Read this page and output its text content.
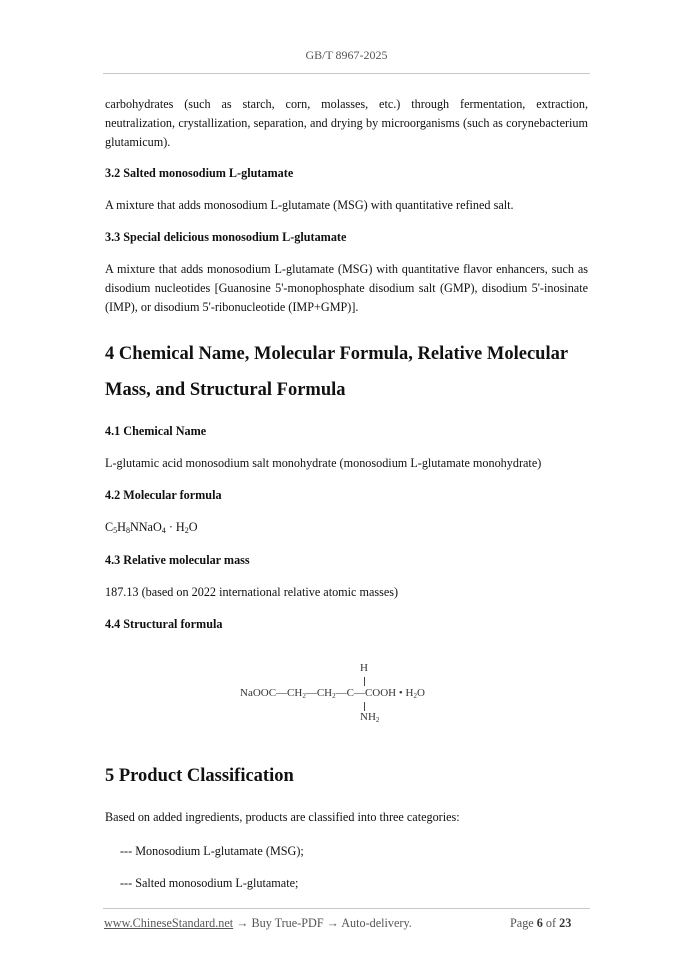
GB/T 8967-2025
carbohydrates (such as starch, corn, molasses, etc.) through fermentation, extraction, neutralization, crystallization, separation, and drying by microorganisms (such as corynebacterium glutamicum).
3.2 Salted monosodium L-glutamate
A mixture that adds monosodium L-glutamate (MSG) with quantitative refined salt.
3.3 Special delicious monosodium L-glutamate
A mixture that adds monosodium L-glutamate (MSG) with quantitative flavor enhancers, such as disodium nucleotides [Guanosine 5'-monophosphate disodium salt (GMP), disodium 5'-inosinate (IMP), or disodium 5'-ribonucleotide (IMP+GMP)].
4 Chemical Name, Molecular Formula, Relative Molecular
Mass, and Structural Formula
4.1 Chemical Name
L-glutamic acid monosodium salt monohydrate (monosodium L-glutamate monohydrate)
4.2 Molecular formula
$C_5H_8NNaO_4 \cdot H_2O$
4.3 Relative molecular mass
187.13 (based on 2022 international relative atomic masses)
4.4 Structural formula
H
$NaOOC—CH_2—CH_2—C—COOH$ • $H_2O$
$NH_2$
5 Product Classification
Based on added ingredients, products are classified into three categories:
--- Monosodium L-glutamate (MSG);
--- Salted monosodium L-glutamate;
www.ChineseStandard.net → Buy True-PDF → Auto-delivery.	Page 6 of 23
